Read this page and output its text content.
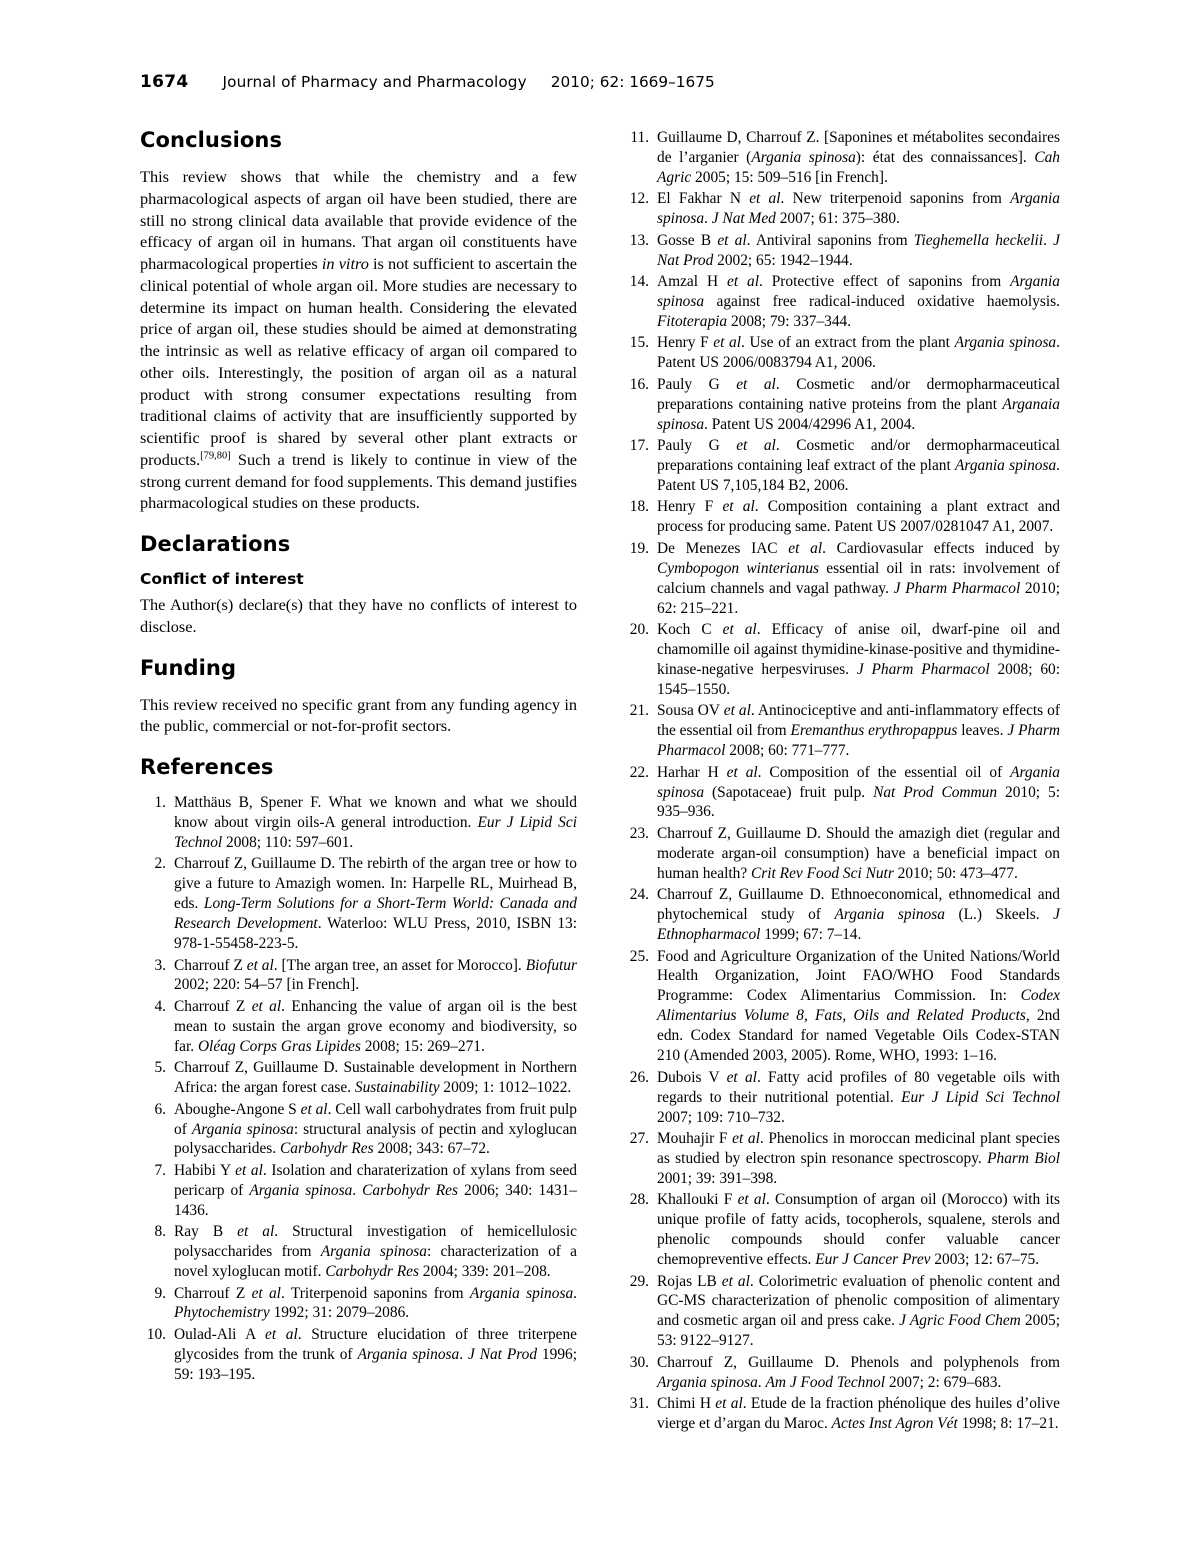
1674 Journal of Pharmacy and Pharmacology 2010; 62: 1669–1675
Conclusions

This review shows that while the chemistry and a few pharmacological aspects of argan oil have been studied, there are still no strong clinical data available that provide evidence of the efficacy of argan oil in humans. That argan oil constituents have pharmacological properties in vitro is not sufficient to ascertain the clinical potential of whole argan oil. More studies are necessary to determine its impact on human health. Considering the elevated price of argan oil, these studies should be aimed at demonstrating the intrinsic as well as relative efficacy of argan oil compared to other oils. Interestingly, the position of argan oil as a natural product with strong consumer expectations resulting from traditional claims of activity that are insufficiently supported by scientific proof is shared by several other plant extracts or products.[79,80] Such a trend is likely to continue in view of the strong current demand for food supplements. This demand justifies pharmacological studies on these products.

Declarations
Conflict of interest

The Author(s) declare(s) that they have no conflicts of interest to disclose.

Funding

This review received no specific grant from any funding agency in the public, commercial or not-for-profit sectors.

References
1. Matthäus B, Spener F. What we known and what we should know about virgin oils-A general introduction. Eur J Lipid Sci Technol 2008; 110: 597–601.
2. Charrouf Z, Guillaume D. The rebirth of the argan tree or how to give a future to Amazigh women. In: Harpelle RL, Muirhead B, eds. Long-Term Solutions for a Short-Term World: Canada and Research Development. Waterloo: WLU Press, 2010, ISBN 13: 978-1-55458-223-5.
3. Charrouf Z et al. [The argan tree, an asset for Morocco]. Biofutur 2002; 220: 54–57 [in French].
4. Charrouf Z et al. Enhancing the value of argan oil is the best mean to sustain the argan grove economy and biodiversity, so far. Oléag Corps Gras Lipides 2008; 15: 269–271.
5. Charrouf Z, Guillaume D. Sustainable development in Northern Africa: the argan forest case. Sustainability 2009; 1: 1012–1022.
6. Aboughe-Angone S et al. Cell wall carbohydrates from fruit pulp of Argania spinosa: structural analysis of pectin and xyloglucan polysaccharides. Carbohydr Res 2008; 343: 67–72.
7. Habibi Y et al. Isolation and charaterization of xylans from seed pericarp of Argania spinosa. Carbohydr Res 2006; 340: 1431–1436.
8. Ray B et al. Structural investigation of hemicellulosic polysaccharides from Argania spinosa: characterization of a novel xyloglucan motif. Carbohydr Res 2004; 339: 201–208.
9. Charrouf Z et al. Triterpenoid saponins from Argania spinosa. Phytochemistry 1992; 31: 2079–2086.
10. Oulad-Ali A et al. Structure elucidation of three triterpene glycosides from the trunk of Argania spinosa. J Nat Prod 1996; 59: 193–195.
11. Guillaume D, Charrouf Z. [Saponines et métabolites secondaires de l’arganier (Argania spinosa): état des connaissances]. Cah Agric 2005; 15: 509–516 [in French].
12. El Fakhar N et al. New triterpenoid saponins from Argania spinosa. J Nat Med 2007; 61: 375–380.
13. Gosse B et al. Antiviral saponins from Tieghemella heckelii. J Nat Prod 2002; 65: 1942–1944.
14. Amzal H et al. Protective effect of saponins from Argania spinosa against free radical-induced oxidative haemolysis. Fitoterapia 2008; 79: 337–344.
15. Henry F et al. Use of an extract from the plant Argania spinosa. Patent US 2006/0083794 A1, 2006.
16. Pauly G et al. Cosmetic and/or dermopharmaceutical preparations containing native proteins from the plant Arganaia spinosa. Patent US 2004/42996 A1, 2004.
17. Pauly G et al. Cosmetic and/or dermopharmaceutical preparations containing leaf extract of the plant Argania spinosa. Patent US 7,105,184 B2, 2006.
18. Henry F et al. Composition containing a plant extract and process for producing same. Patent US 2007/0281047 A1, 2007.
19. De Menezes IAC et al. Cardiovasular effects induced by Cymbopogon winterianus essential oil in rats: involvement of calcium channels and vagal pathway. J Pharm Pharmacol 2010; 62: 215–221.
20. Koch C et al. Efficacy of anise oil, dwarf-pine oil and chamomille oil against thymidine-kinase-positive and thymidine-kinase-negative herpesviruses. J Pharm Pharmacol 2008; 60: 1545–1550.
21. Sousa OV et al. Antinociceptive and anti-inflammatory effects of the essential oil from Eremanthus erythropappus leaves. J Pharm Pharmacol 2008; 60: 771–777.
22. Harhar H et al. Composition of the essential oil of Argania spinosa (Sapotaceae) fruit pulp. Nat Prod Commun 2010; 5: 935–936.
23. Charrouf Z, Guillaume D. Should the amazigh diet (regular and moderate argan-oil consumption) have a beneficial impact on human health? Crit Rev Food Sci Nutr 2010; 50: 473–477.
24. Charrouf Z, Guillaume D. Ethnoeconomical, ethnomedical and phytochemical study of Argania spinosa (L.) Skeels. J Ethnopharmacol 1999; 67: 7–14.
25. Food and Agriculture Organization of the United Nations/World Health Organization, Joint FAO/WHO Food Standards Programme: Codex Alimentarius Commission. In: Codex Alimentarius Volume 8, Fats, Oils and Related Products, 2nd edn. Codex Standard for named Vegetable Oils Codex-STAN 210 (Amended 2003, 2005). Rome, WHO, 1993: 1–16.
26. Dubois V et al. Fatty acid profiles of 80 vegetable oils with regards to their nutritional potential. Eur J Lipid Sci Technol 2007; 109: 710–732.
27. Mouhajir F et al. Phenolics in moroccan medicinal plant species as studied by electron spin resonance spectroscopy. Pharm Biol 2001; 39: 391–398.
28. Khallouki F et al. Consumption of argan oil (Morocco) with its unique profile of fatty acids, tocopherols, squalene, sterols and phenolic compounds should confer valuable cancer chemopreventive effects. Eur J Cancer Prev 2003; 12: 67–75.
29. Rojas LB et al. Colorimetric evaluation of phenolic content and GC-MS characterization of phenolic composition of alimentary and cosmetic argan oil and press cake. J Agric Food Chem 2005; 53: 9122–9127.
30. Charrouf Z, Guillaume D. Phenols and polyphenols from Argania spinosa. Am J Food Technol 2007; 2: 679–683.
31. Chimi H et al. Etude de la fraction phénolique des huiles d’olive vierge et d’argan du Maroc. Actes Inst Agron Vét 1998; 8: 17–21.
